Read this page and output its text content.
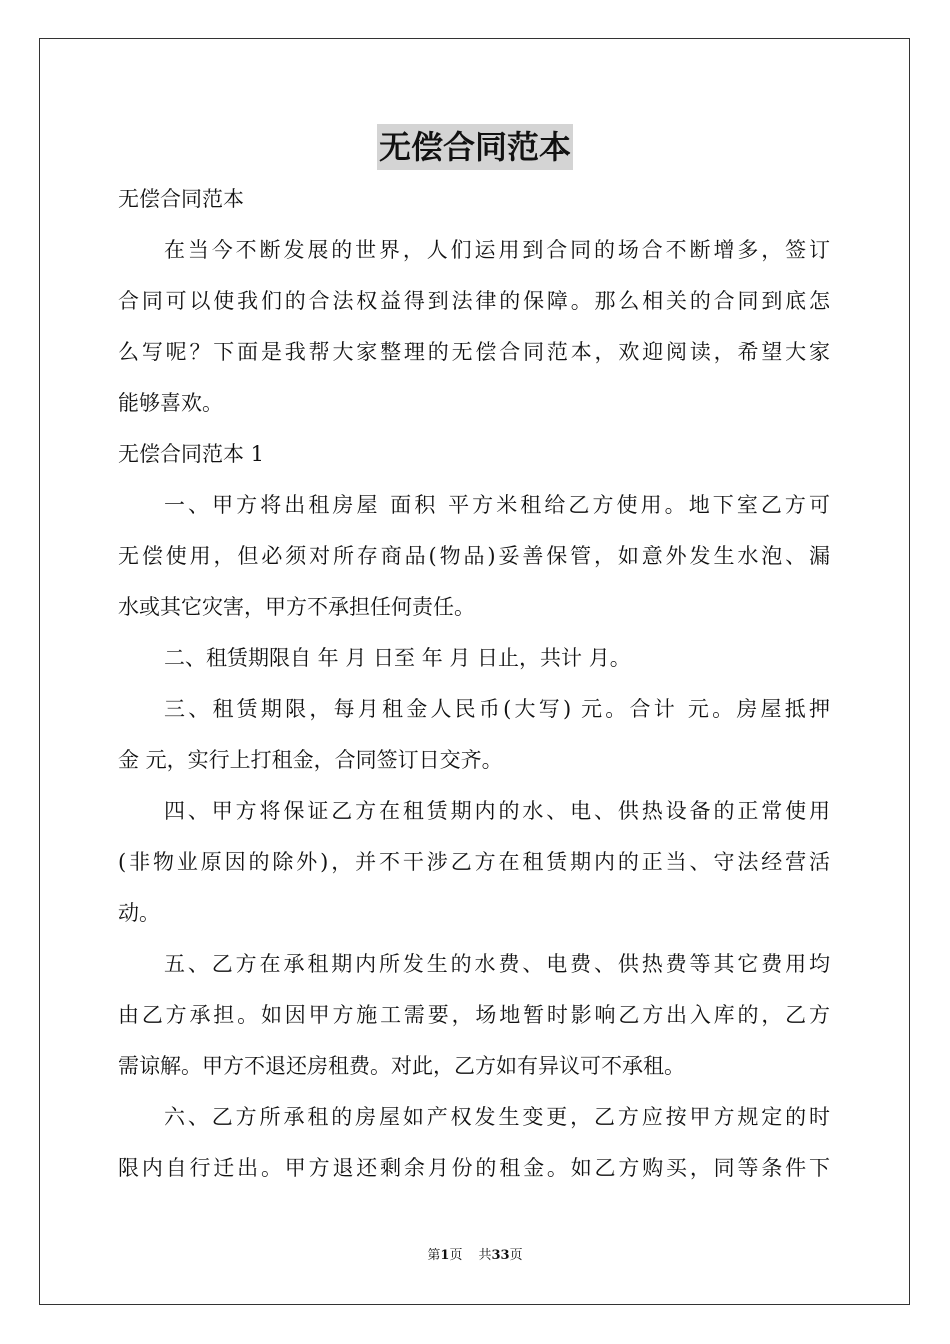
无偿合同范本
无偿合同范本
在当今不断发展的世界，人们运用到合同的场合不断增多，签订
合同可以使我们的合法权益得到法律的保障。那么相关的合同到底怎
么写呢？下面是我帮大家整理的无偿合同范本，欢迎阅读，希望大家
能够喜欢。
无偿合同范本 1
一、甲方将出租房屋 面积 平方米租给乙方使用。地下室乙方可
无偿使用，但必须对所存商品(物品)妥善保管，如意外发生水泡、漏
水或其它灾害，甲方不承担任何责任。
二、租赁期限自 年 月 日至 年 月 日止，共计 月。
三、租赁期限，每月租金人民币(大写) 元。合计 元。房屋抵押
金 元，实行上打租金，合同签订日交齐。
四、甲方将保证乙方在租赁期内的水、电、供热设备的正常使用
(非物业原因的除外)，并不干涉乙方在租赁期内的正当、守法经营活
动。
五、乙方在承租期内所发生的水费、电费、供热费等其它费用均
由乙方承担。如因甲方施工需要，场地暂时影响乙方出入库的，乙方
需谅解。甲方不退还房租费。对此，乙方如有异议可不承租。
六、乙方所承租的房屋如产权发生变更，乙方应按甲方规定的时
限内自行迁出。甲方退还剩余月份的租金。如乙方购买，同等条件下
第1页 共33页
